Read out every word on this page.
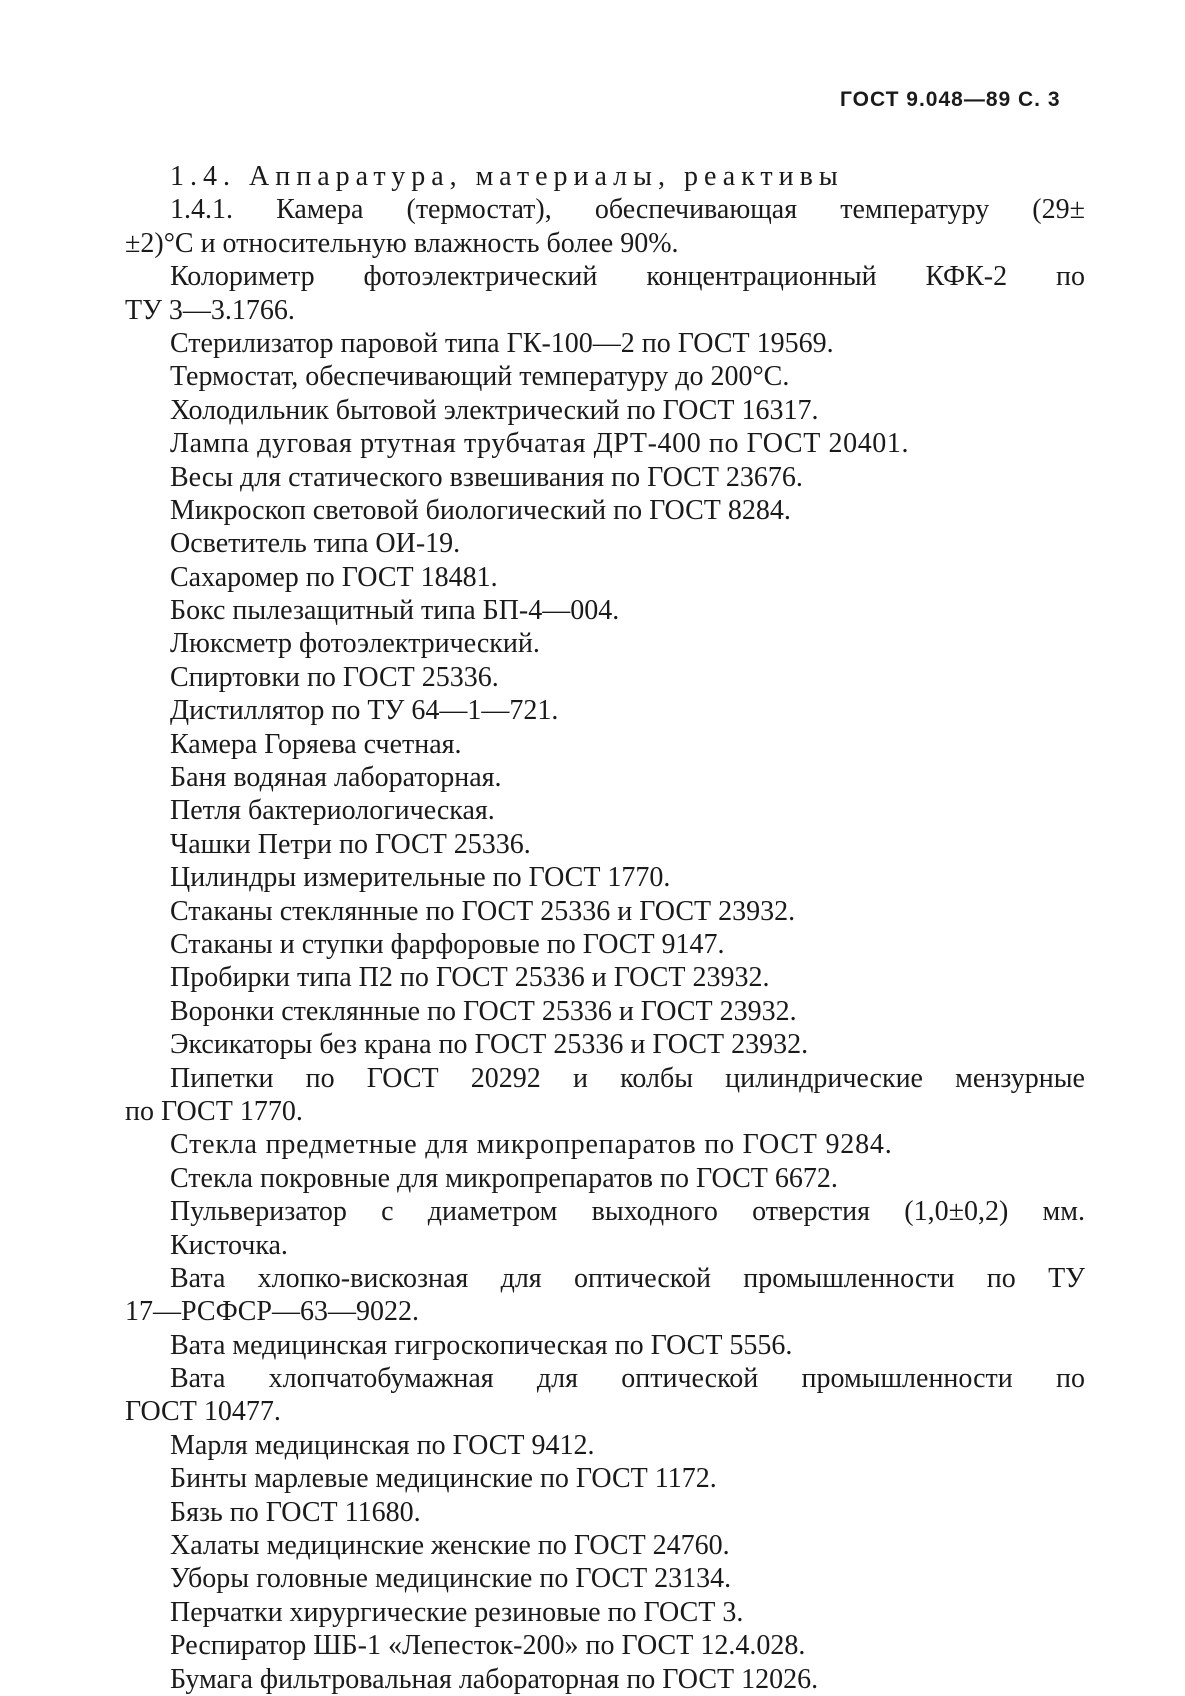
ГОСТ 9.048—89 С. 3
1.4. Аппаратура, материалы, реактивы
1.4.1. Камера (термостат), обеспечивающая температуру (29±
±2)°С и относительную влажность более 90%.
Колориметр фотоэлектрический концентрационный КФК-2 по
ТУ 3—3.1766.
Стерилизатор паровой типа ГК-100—2 по ГОСТ 19569.
Термостат, обеспечивающий температуру до 200°С.
Холодильник бытовой электрический по ГОСТ 16317.
Лампа дуговая ртутная трубчатая ДРТ-400 по ГОСТ 20401.
Весы для статического взвешивания по ГОСТ 23676.
Микроскоп световой биологический по ГОСТ 8284.
Осветитель типа ОИ-19.
Сахаромер по ГОСТ 18481.
Бокс пылезащитный типа БП-4—004.
Люксметр фотоэлектрический.
Спиртовки по ГОСТ 25336.
Дистиллятор по ТУ 64—1—721.
Камера Горяева счетная.
Баня водяная лабораторная.
Петля бактериологическая.
Чашки Петри по ГОСТ 25336.
Цилиндры измерительные по ГОСТ 1770.
Стаканы стеклянные по ГОСТ 25336 и ГОСТ 23932.
Стаканы и ступки фарфоровые по ГОСТ 9147.
Пробирки типа П2 по ГОСТ 25336 и ГОСТ 23932.
Воронки стеклянные по ГОСТ 25336 и ГОСТ 23932.
Эксикаторы без крана по ГОСТ 25336 и ГОСТ 23932.
Пипетки по ГОСТ 20292 и колбы цилиндрические мензурные
по ГОСТ 1770.
Стекла предметные для микропрепаратов по ГОСТ 9284.
Стекла покровные для микропрепаратов по ГОСТ 6672.
Пульверизатор с диаметром выходного отверстия (1,0±0,2) мм.
Кисточка.
Вата хлопко-вискозная для оптической промышленности по ТУ
17—РСФСР—63—9022.
Вата медицинская гигроскопическая по ГОСТ 5556.
Вата хлопчатобумажная для оптической промышленности по
ГОСТ 10477.
Марля медицинская по ГОСТ 9412.
Бинты марлевые медицинские по ГОСТ 1172.
Бязь по ГОСТ 11680.
Халаты медицинские женские по ГОСТ 24760.
Уборы головные медицинские по ГОСТ 23134.
Перчатки хирургические резиновые по ГОСТ 3.
Респиратор ШБ-1 «Лепесток-200» по ГОСТ 12.4.028.
Бумага фильтровальная лабораторная по ГОСТ 12026.
